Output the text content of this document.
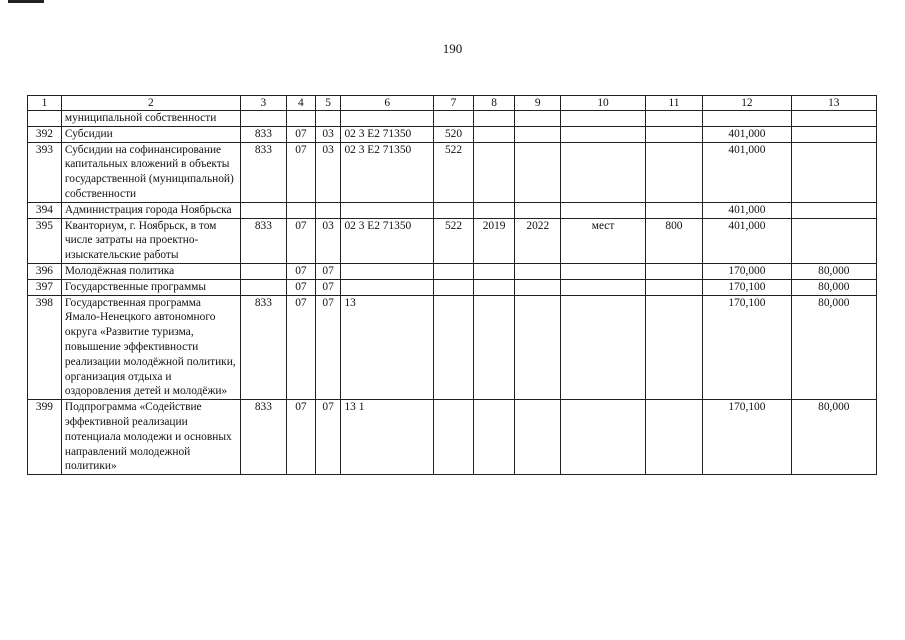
190
1	2	3	4	5	6	7	8	9	10	11	12	13
	муниципальной собственности											
392	Субсидии	833	07	03	02 3 E2 71350	520					401,000	
393	Субсидии на софинансирование капитальных вложений в объекты государственной (муниципальной) собственности	833	07	03	02 3 E2 71350	522					401,000	
394	Администрация города Ноябрьска										401,000	
395	Кванториум, г. Ноябрьск, в том числе затраты на проектно-изыскательские работы	833	07	03	02 3 E2 71350	522	2019	2022	мест	800	401,000	
396	Молодёжная политика		07	07							170,000	80,000
397	Государственные программы		07	07							170,100	80,000
398	Государственная программа Ямало-Ненецкого автономного округа «Развитие туризма, повышение эффективности реализации молодёжной политики, организация отдыха и оздоровления детей и молодёжи»	833	07	07	13						170,100	80,000
399	Подпрограмма «Содействие эффективной реализации потенциала молодежи и основных направлений молодежной политики»	833	07	07	13 1						170,100	80,000
